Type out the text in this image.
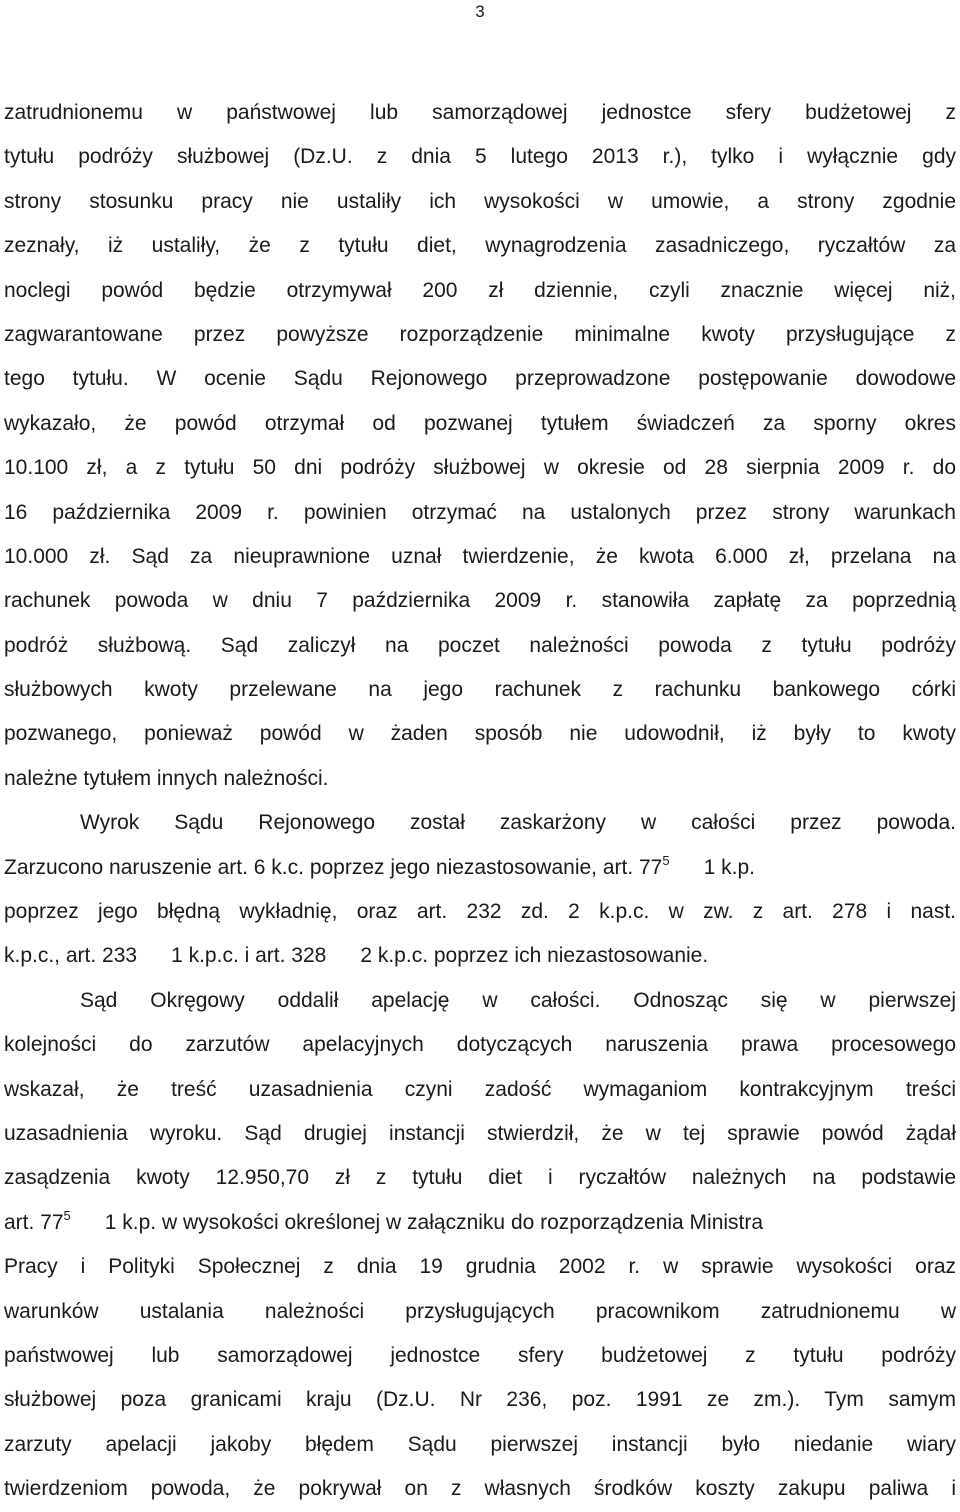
3
zatrudnionemu w państwowej lub samorządowej jednostce sfery budżetowej z
tytułu podróży służbowej (Dz.U. z dnia 5 lutego 2013 r.), tylko i wyłącznie gdy
strony stosunku pracy nie ustaliły ich wysokości w umowie, a strony zgodnie
zeznały, iż ustaliły, że z tytułu diet, wynagrodzenia zasadniczego, ryczałtów za
noclegi powód będzie otrzymywał 200 zł dziennie, czyli znacznie więcej niż,
zagwarantowane przez powyższe rozporządzenie minimalne kwoty przysługujące z
tego tytułu. W ocenie Sądu Rejonowego przeprowadzone postępowanie dowodowe
wykazało, że powód otrzymał od pozwanej tytułem świadczeń za sporny okres
10.100 zł, a z tytułu 50 dni podróży służbowej w okresie od 28 sierpnia 2009 r. do
16 października 2009 r. powinien otrzymać na ustalonych przez strony warunkach
10.000 zł. Sąd za nieuprawnione uznał twierdzenie, że kwota 6.000 zł, przelana na
rachunek powoda w dniu 7 października 2009 r. stanowiła zapłatę za poprzednią
podróż służbową. Sąd zaliczył na poczet należności powoda z tytułu podróży
służbowych kwoty przelewane na jego rachunek z rachunku bankowego córki
pozwanego, ponieważ powód w żaden sposób nie udowodnił, iż były to kwoty
należne tytułem innych należności.
Wyrok Sądu Rejonowego został zaskarżony w całości przez powoda.
Zarzucono naruszenie art. 6 k.c. poprzez jego niezastosowanie, art. $77^5$ 1 k.p.
poprzez jego błędną wykładnię, oraz art. 232 zd. 2 k.p.c. w zw. z art. 278 i nast.
k.p.c., art. 233 1 k.p.c. i art. 328 2 k.p.c. poprzez ich niezastosowanie.
Sąd Okręgowy oddalił apelację w całości. Odnosząc się w pierwszej
kolejności do zarzutów apelacyjnych dotyczących naruszenia prawa procesowego
wskazał, że treść uzasadnienia czyni zadość wymaganiom kontrakcyjnym treści
uzasadnienia wyroku. Sąd drugiej instancji stwierdził, że w tej sprawie powód żądał
zasądzenia kwoty 12.950,70 zł z tytułu diet i ryczałtów należnych na podstawie
art. $77^5$ 1 k.p. w wysokości określonej w załączniku do rozporządzenia Ministra
Pracy i Polityki Społecznej z dnia 19 grudnia 2002 r. w sprawie wysokości oraz
warunków ustalania należności przysługujących pracownikom zatrudnionemu w
państwowej lub samorządowej jednostce sfery budżetowej z tytułu podróży
służbowej poza granicami kraju (Dz.U. Nr 236, poz. 1991 ze zm.). Tym samym
zarzuty apelacji jakoby błędem Sądu pierwszej instancji było niedanie wiary
twierdzeniom powoda, że pokrywał on z własnych środków koszty zakupu paliwa i
